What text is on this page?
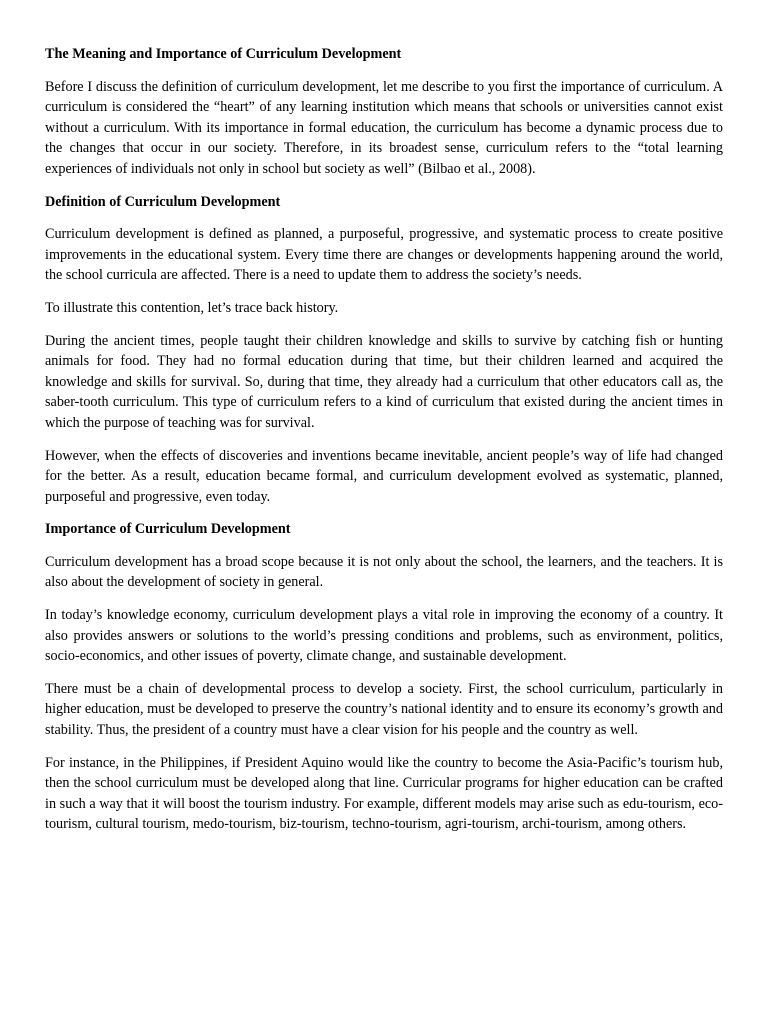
The Meaning and Importance of Curriculum Development

Before I discuss the definition of curriculum development, let me describe to you first the importance of curriculum. A curriculum is considered the “heart” of any learning institution which means that schools or universities cannot exist without a curriculum. With its importance in formal education, the curriculum has become a dynamic process due to the changes that occur in our society. Therefore, in its broadest sense, curriculum refers to the “total learning experiences of individuals not only in school but society as well” (Bilbao et al., 2008).

Definition of Curriculum Development

Curriculum development is defined as planned, a purposeful, progressive, and systematic process to create positive improvements in the educational system. Every time there are changes or developments happening around the world, the school curricula are affected. There is a need to update them to address the society’s needs.

To illustrate this contention, let’s trace back history.

During the ancient times, people taught their children knowledge and skills to survive by catching fish or hunting animals for food. They had no formal education during that time, but their children learned and acquired the knowledge and skills for survival. So, during that time, they already had a curriculum that other educators call as, the saber-tooth curriculum. This type of curriculum refers to a kind of curriculum that existed during the ancient times in which the purpose of teaching was for survival.

However, when the effects of discoveries and inventions became inevitable, ancient people’s way of life had changed for the better. As a result, education became formal, and curriculum development evolved as systematic, planned, purposeful and progressive, even today.

Importance of Curriculum Development

Curriculum development has a broad scope because it is not only about the school, the learners, and the teachers. It is also about the development of society in general.

In today’s knowledge economy, curriculum development plays a vital role in improving the economy of a country. It also provides answers or solutions to the world’s pressing conditions and problems, such as environment, politics, socio-economics, and other issues of poverty, climate change, and sustainable development.

There must be a chain of developmental process to develop a society. First, the school curriculum, particularly in higher education, must be developed to preserve the country’s national identity and to ensure its economy’s growth and stability. Thus, the president of a country must have a clear vision for his people and the country as well.

For instance, in the Philippines, if President Aquino would like the country to become the Asia-Pacific’s tourism hub, then the school curriculum must be developed along that line. Curricular programs for higher education can be crafted in such a way that it will boost the tourism industry. For example, different models may arise such as edu-tourism, eco-tourism, cultural tourism, medo-tourism, biz-tourism, techno-tourism, agri-tourism, archi-tourism, among others.
